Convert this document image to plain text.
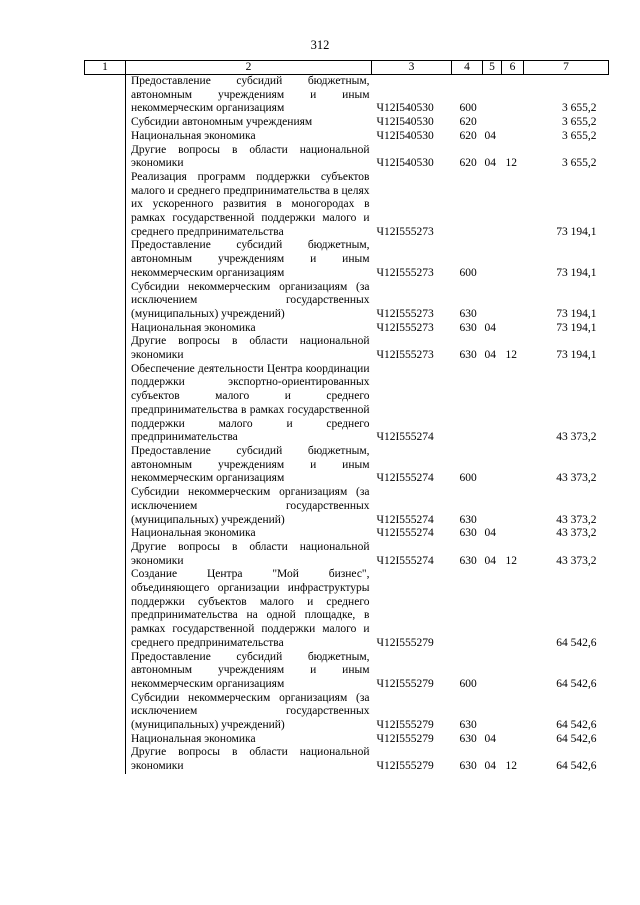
312
1	2	3	4	5	6	7
	Предоставление субсидий бюджетным, автономным учреждениям и иным некоммерческим организациям	Ч12I540530	600			3 655,2
	Субсидии автономным учреждениям	Ч12I540530	620			3 655,2
	Национальная экономика	Ч12I540530	620	04		3 655,2
	Другие вопросы в области национальной экономики	Ч12I540530	620	04	12	3 655,2
	Реализация программ поддержки субъектов малого и среднего предпринимательства в целях их ускоренного развития в моногородах в рамках государственной поддержки малого и среднего предпринимательства	Ч12I555273				73 194,1
	Предоставление субсидий бюджетным, автономным учреждениям и иным некоммерческим организациям	Ч12I555273	600			73 194,1
	Субсидии некоммерческим организациям (за исключением государственных (муниципальных) учреждений)	Ч12I555273	630			73 194,1
	Национальная экономика	Ч12I555273	630	04		73 194,1
	Другие вопросы в области национальной экономики	Ч12I555273	630	04	12	73 194,1
	Обеспечение деятельности Центра координации поддержки экспортно-ориентированных субъектов малого и среднего предпринимательства в рамках государственной поддержки малого и среднего предпринимательства	Ч12I555274				43 373,2
	Предоставление субсидий бюджетным, автономным учреждениям и иным некоммерческим организациям	Ч12I555274	600			43 373,2
	Субсидии некоммерческим организациям (за исключением государственных (муниципальных) учреждений)	Ч12I555274	630			43 373,2
	Национальная экономика	Ч12I555274	630	04		43 373,2
	Другие вопросы в области национальной экономики	Ч12I555274	630	04	12	43 373,2
	Создание Центра "Мой бизнес", объединяющего организации инфраструктуры поддержки субъектов малого и среднего предпринимательства на одной площадке, в рамках государственной поддержки малого и среднего предпринимательства	Ч12I555279				64 542,6
	Предоставление субсидий бюджетным, автономным учреждениям и иным некоммерческим организациям	Ч12I555279	600			64 542,6
	Субсидии некоммерческим организациям (за исключением государственных (муниципальных) учреждений)	Ч12I555279	630			64 542,6
	Национальная экономика	Ч12I555279	630	04		64 542,6
	Другие вопросы в области национальной экономики	Ч12I555279	630	04	12	64 542,6
